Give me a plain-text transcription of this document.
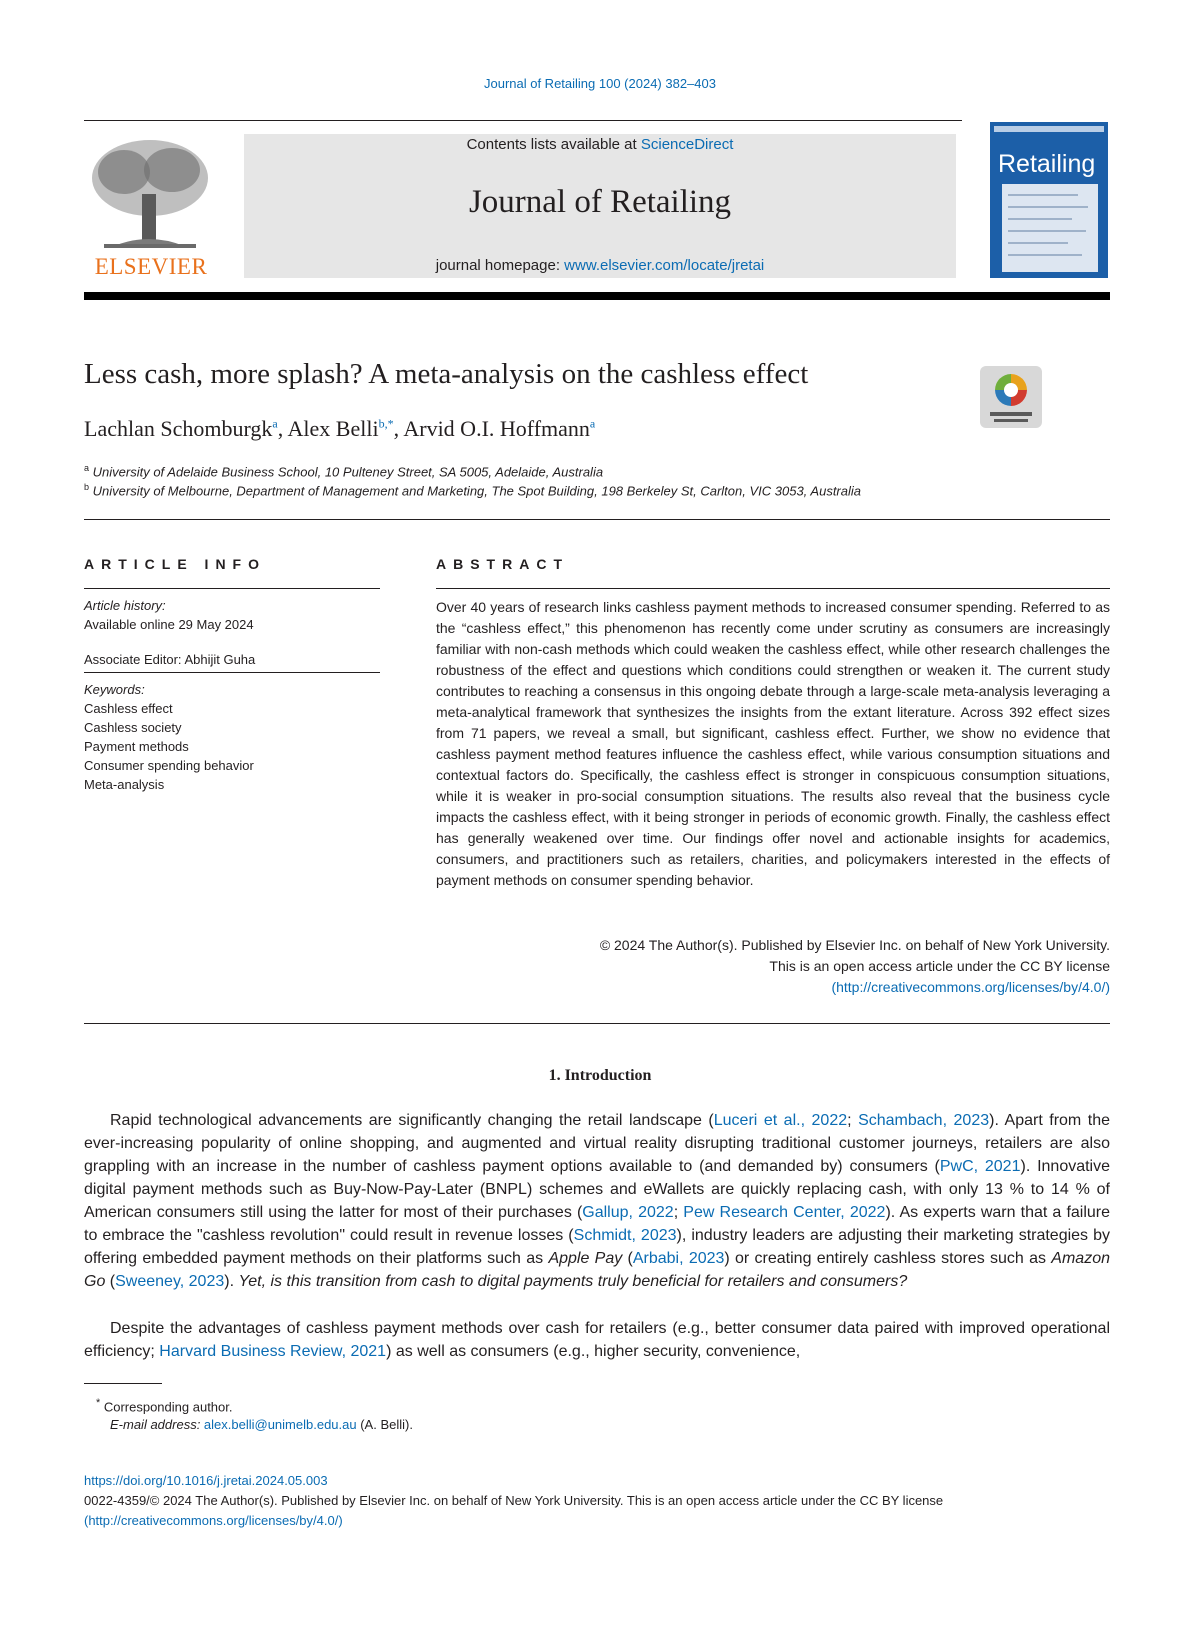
Journal of Retailing 100 (2024) 382–403
ELSEVIER
Contents lists available at ScienceDirect
Journal of Retailing
journal homepage: www.elsevier.com/locate/jretai
Retailing
Less cash, more splash? A meta-analysis on the cashless effect
Lachlan Schomburgk$^a$, Alex Belli$^{b,*}$, Arvid O.I. Hoffmann$^a$
$^a$ University of Adelaide Business School, 10 Pulteney Street, SA 5005, Adelaide, Australia
$^b$ University of Melbourne, Department of Management and Marketing, The Spot Building, 198 Berkeley St, Carlton, VIC 3053, Australia
ARTICLE INFO
Article history:
Available online 29 May 2024
Associate Editor: Abhijit Guha
Keywords:
Cashless effect
Cashless society
Payment methods
Consumer spending behavior
Meta-analysis
ABSTRACT

Over 40 years of research links cashless payment methods to increased consumer spending. Referred to as the “cashless effect,” this phenomenon has recently come under scrutiny as consumers are increasingly familiar with non-cash methods which could weaken the cashless effect, while other research challenges the robustness of the effect and questions which conditions could strengthen or weaken it. The current study contributes to reaching a consensus in this ongoing debate through a large-scale meta-analysis leveraging a meta-analytical framework that synthesizes the insights from the extant literature. Across 392 effect sizes from 71 papers, we reveal a small, but significant, cashless effect. Further, we show no evidence that cashless payment method features influence the cashless effect, while various consumption situations and contextual factors do. Specifically, the cashless effect is stronger in conspicuous consumption situations, while it is weaker in pro-social consumption situations. The results also reveal that the business cycle impacts the cashless effect, with it being stronger in periods of economic growth. Finally, the cashless effect has generally weakened over time. Our findings offer novel and actionable insights for academics, consumers, and practitioners such as retailers, charities, and policymakers interested in the effects of payment methods on consumer spending behavior.

© 2024 The Author(s). Published by Elsevier Inc. on behalf of New York University.
This is an open access article under the CC BY license
(http://creativecommons.org/licenses/by/4.0/)
1. Introduction

Rapid technological advancements are significantly changing the retail landscape (Luceri et al., 2022; Schambach, 2023). Apart from the ever-increasing popularity of online shopping, and augmented and virtual reality disrupting traditional customer journeys, retailers are also grappling with an increase in the number of cashless payment options available to (and demanded by) consumers (PwC, 2021). Innovative digital payment methods such as Buy-Now-Pay-Later (BNPL) schemes and eWallets are quickly replacing cash, with only 13 % to 14 % of American consumers still using the latter for most of their purchases (Gallup, 2022; Pew Research Center, 2022). As experts warn that a failure to embrace the "cashless revolution" could result in revenue losses (Schmidt, 2023), industry leaders are adjusting their marketing strategies by offering embedded payment methods on their platforms such as Apple Pay (Arbabi, 2023) or creating entirely cashless stores such as Amazon Go (Sweeney, 2023). Yet, is this transition from cash to digital payments truly beneficial for retailers and consumers?

Despite the advantages of cashless payment methods over cash for retailers (e.g., better consumer data paired with improved operational efficiency; Harvard Business Review, 2021) as well as consumers (e.g., higher security, convenience,

* Corresponding author.
E-mail address: alex.belli@unimelb.edu.au (A. Belli).
https://doi.org/10.1016/j.jretai.2024.05.003
0022-4359/© 2024 The Author(s). Published by Elsevier Inc. on behalf of New York University. This is an open access article under the CC BY license
(http://creativecommons.org/licenses/by/4.0/)
